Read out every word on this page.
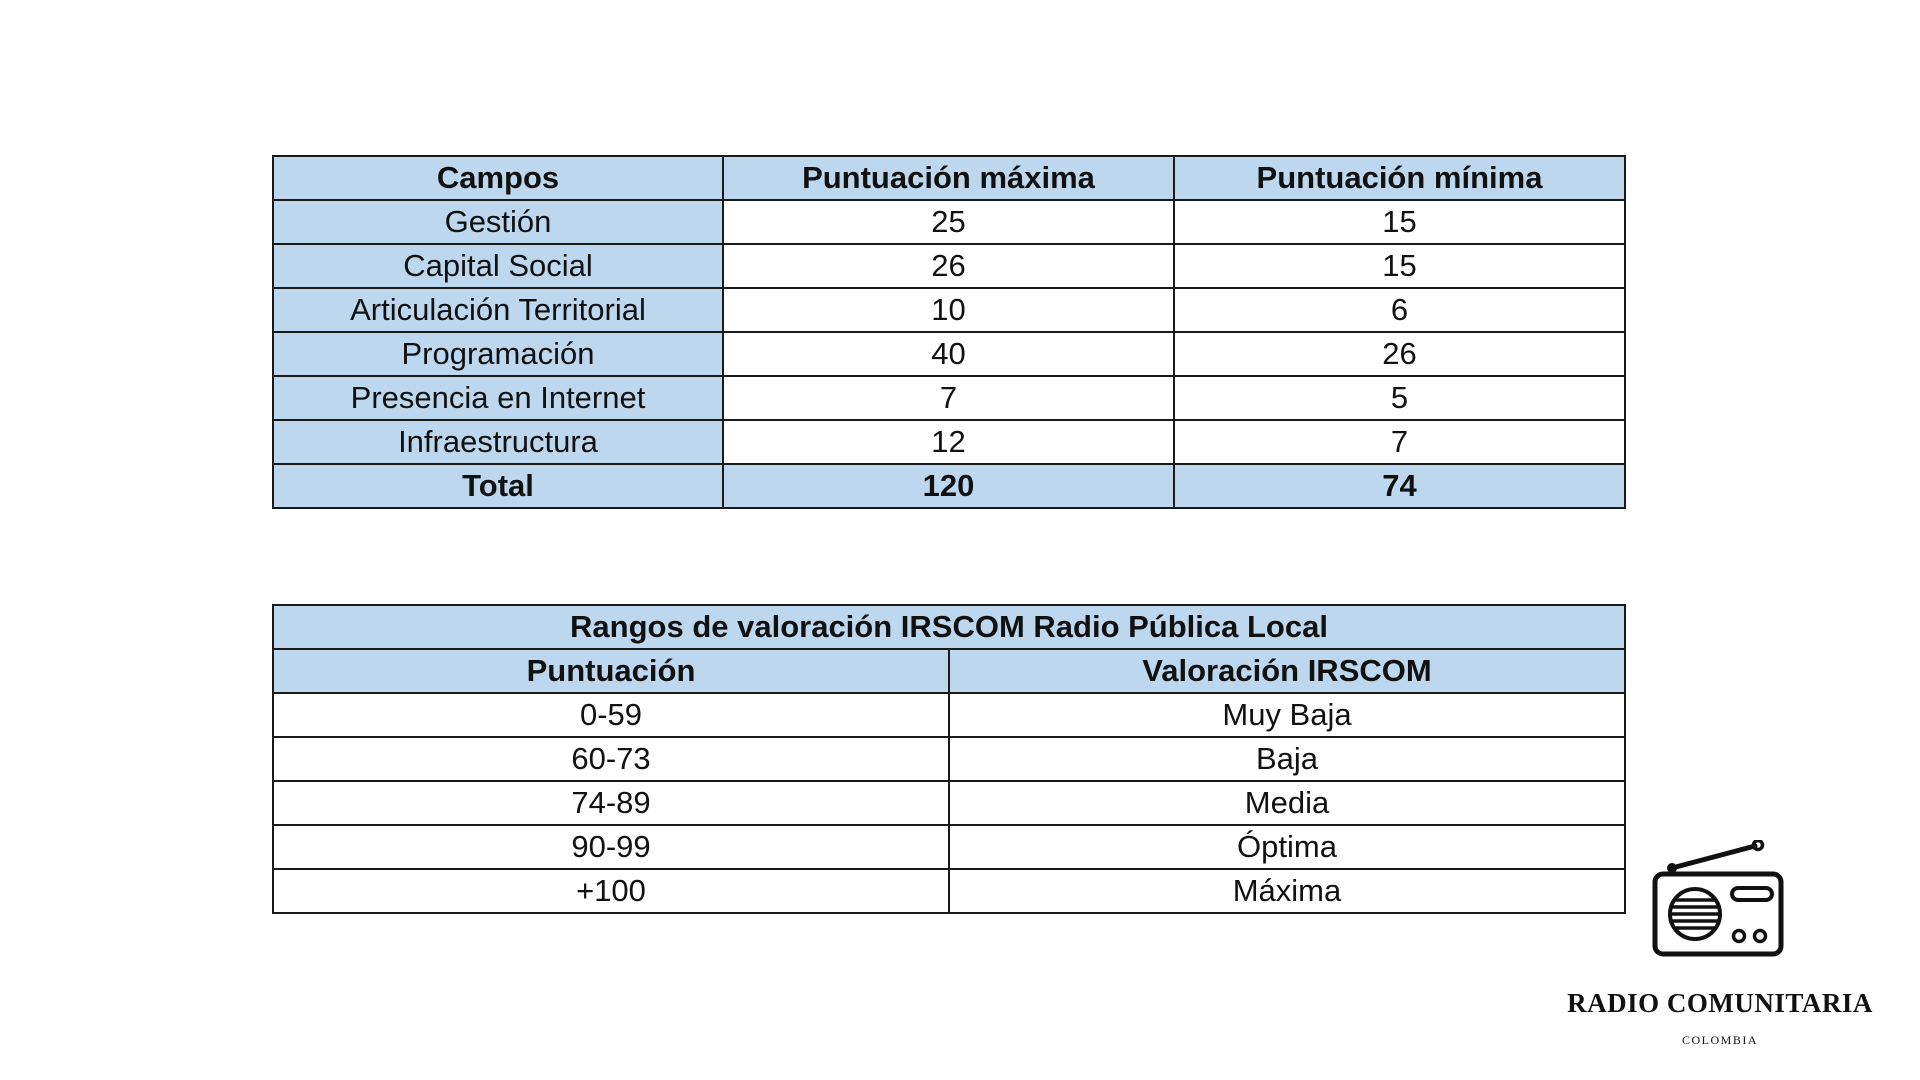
Campos	Puntuación máxima	Puntuación mínima
Gestión	25	15
Capital Social	26	15
Articulación Territorial	10	6
Programación	40	26
Presencia en Internet	7	5
Infraestructura	12	7
Total	120	74
Rangos de valoración IRSCOM Radio Pública Local	
Puntuación	Valoración IRSCOM
0-59	Muy Baja
60-73	Baja
74-89	Media
90-99	Óptima
+100	Máxima
RADIO COMUNITARIA
COLOMBIA
